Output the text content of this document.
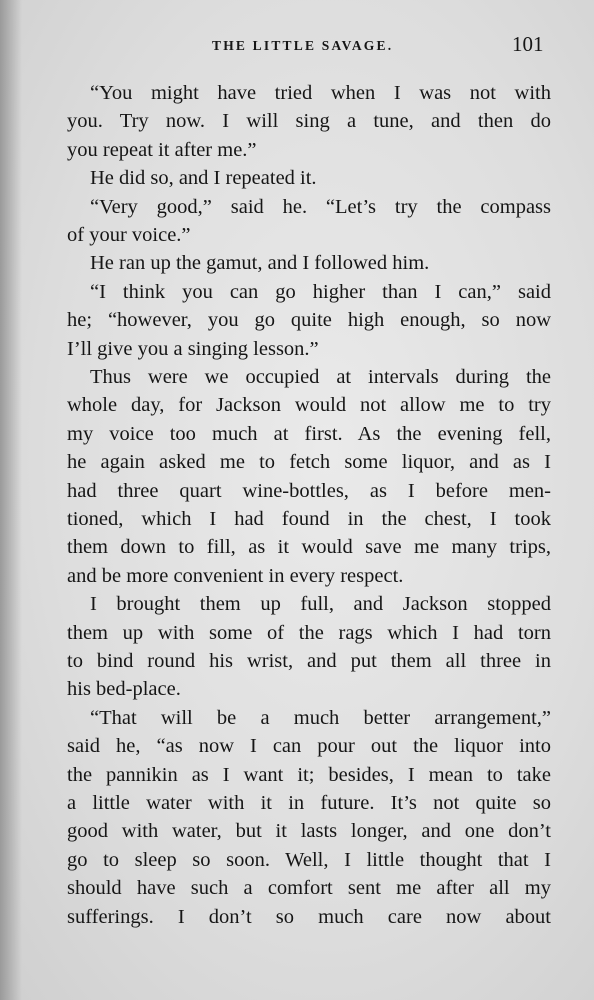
THE LITTLE SAVAGE.	101
“You might have tried when I was not with
you. Try now. I will sing a tune, and then do
you repeat it after me.”
He did so, and I repeated it.
“Very good,” said he. “Let’s try the compass
of your voice.”
He ran up the gamut, and I followed him.
“I think you can go higher than I can,” said
he; “however, you go quite high enough, so now
I’ll give you a singing lesson.”
Thus were we occupied at intervals during the
whole day, for Jackson would not allow me to try
my voice too much at first. As the evening fell,
he again asked me to fetch some liquor, and as I
had three quart wine-bottles, as I before men-
tioned, which I had found in the chest, I took
them down to fill, as it would save me many trips,
and be more convenient in every respect.
I brought them up full, and Jackson stopped
them up with some of the rags which I had torn
to bind round his wrist, and put them all three in
his bed-place.
“That will be a much better arrangement,”
said he, “as now I can pour out the liquor into
the pannikin as I want it; besides, I mean to take
a little water with it in future. It’s not quite so
good with water, but it lasts longer, and one don’t
go to sleep so soon. Well, I little thought that I
should have such a comfort sent me after all my
sufferings. I don’t so much care now about
